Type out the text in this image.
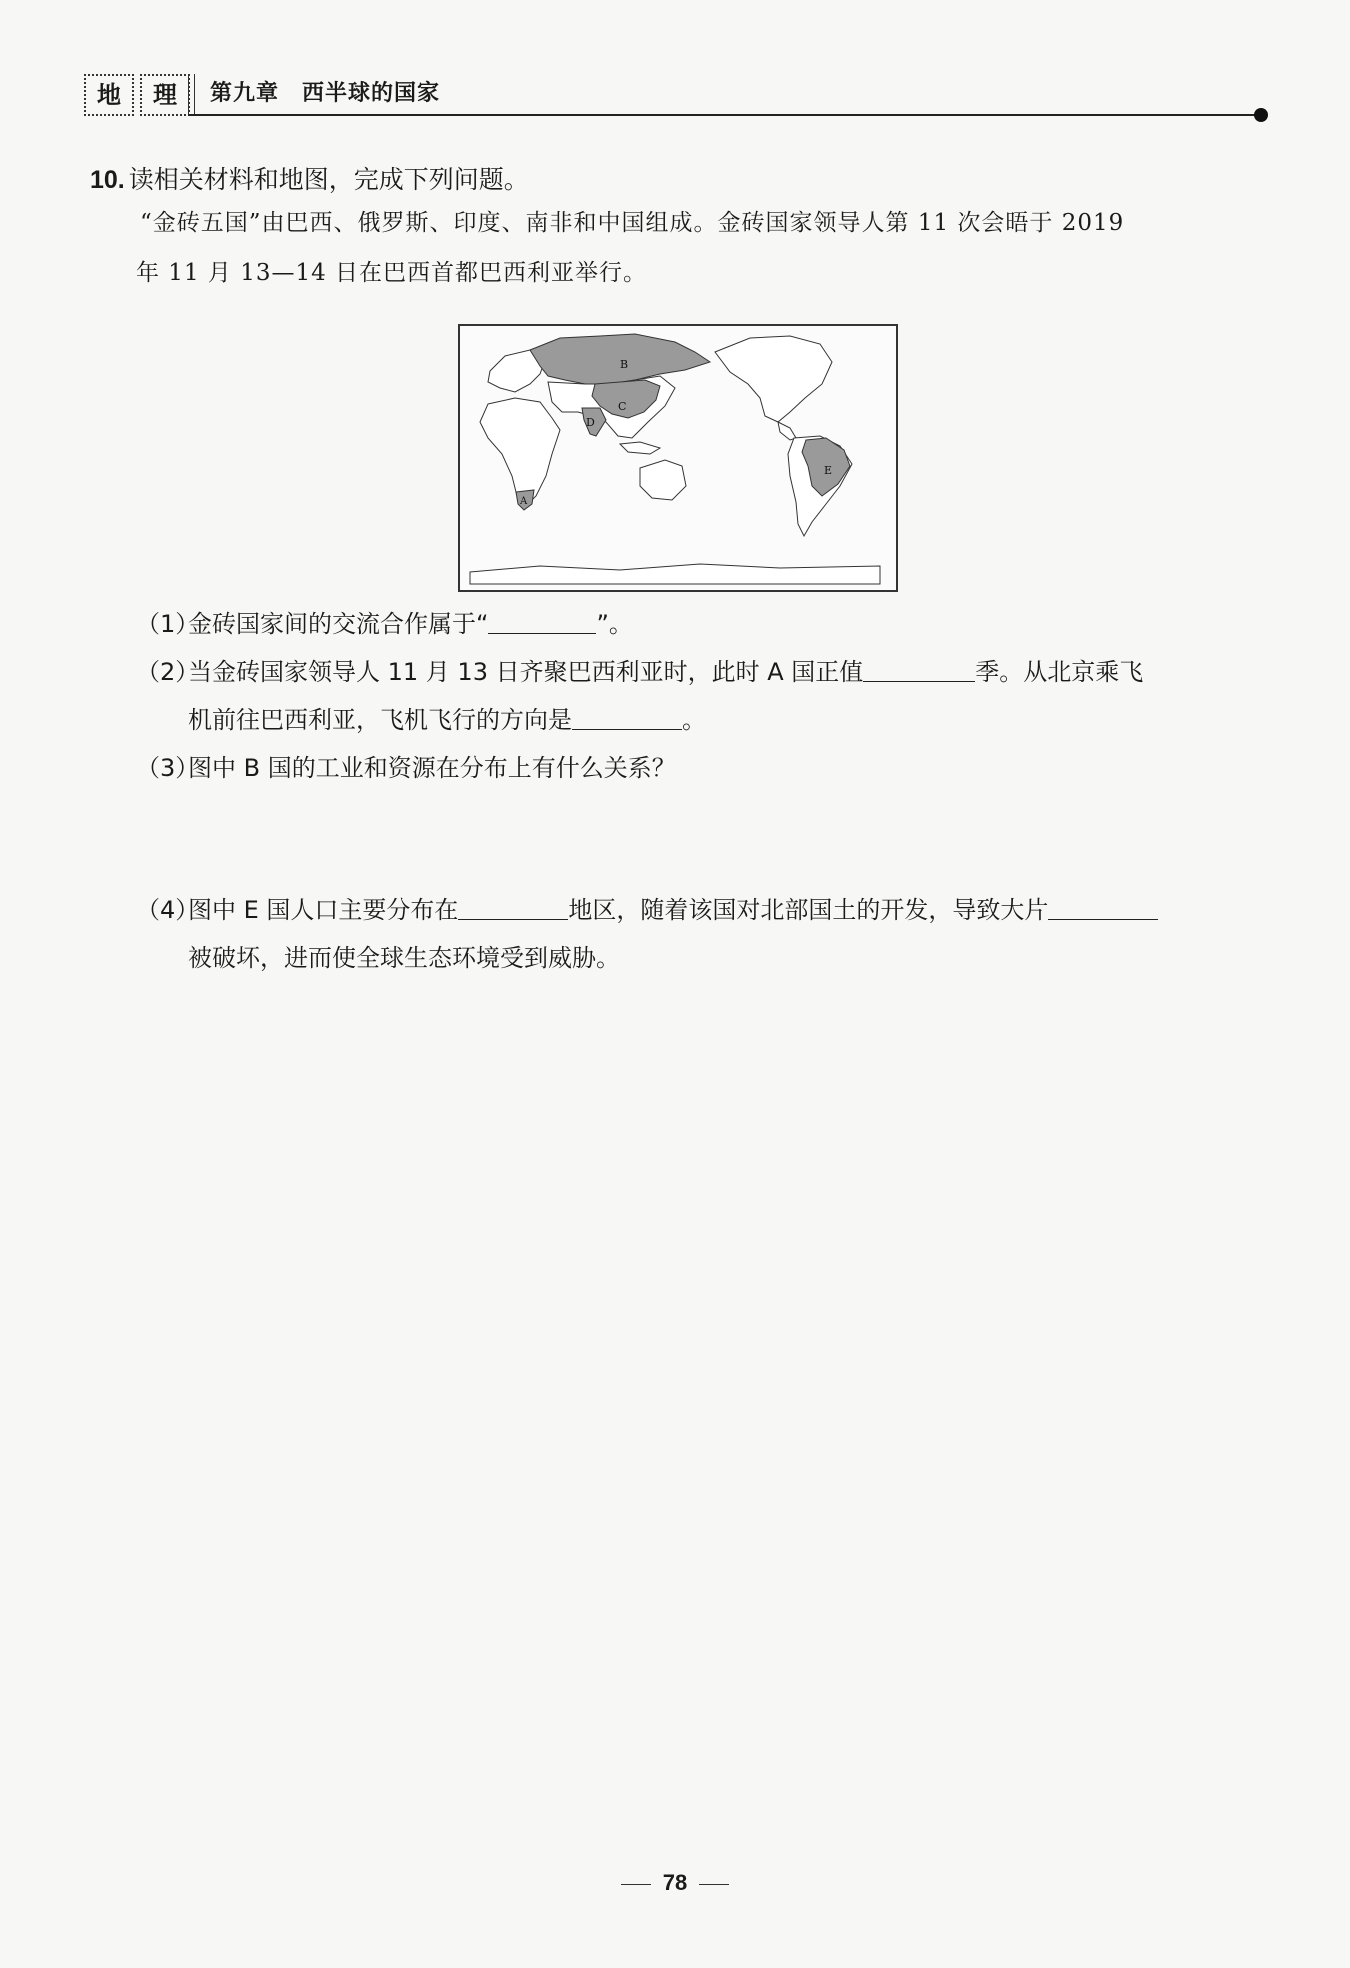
地	理	第九章　西半球的国家
10. 读相关材料和地图，完成下列问题。
“金砖五国”由巴西、俄罗斯、印度、南非和中国组成。金砖国家领导人第 11 次会晤于 2019
年 11 月 13—14 日在巴西首都巴西利亚举行。
B
C
D
A
E
（1）金砖国家间的交流合作属于“	”。
（2）当金砖国家领导人 11 月 13 日齐聚巴西利亚时，此时 A 国正值	季。从北京乘飞
机前往巴西利亚，飞机飞行的方向是	。
（3）图中 B 国的工业和资源在分布上有什么关系？
（4）图中 E 国人口主要分布在	地区，随着该国对北部国土的开发，导致大片
被破坏，进而使全球生态环境受到威胁。
78
